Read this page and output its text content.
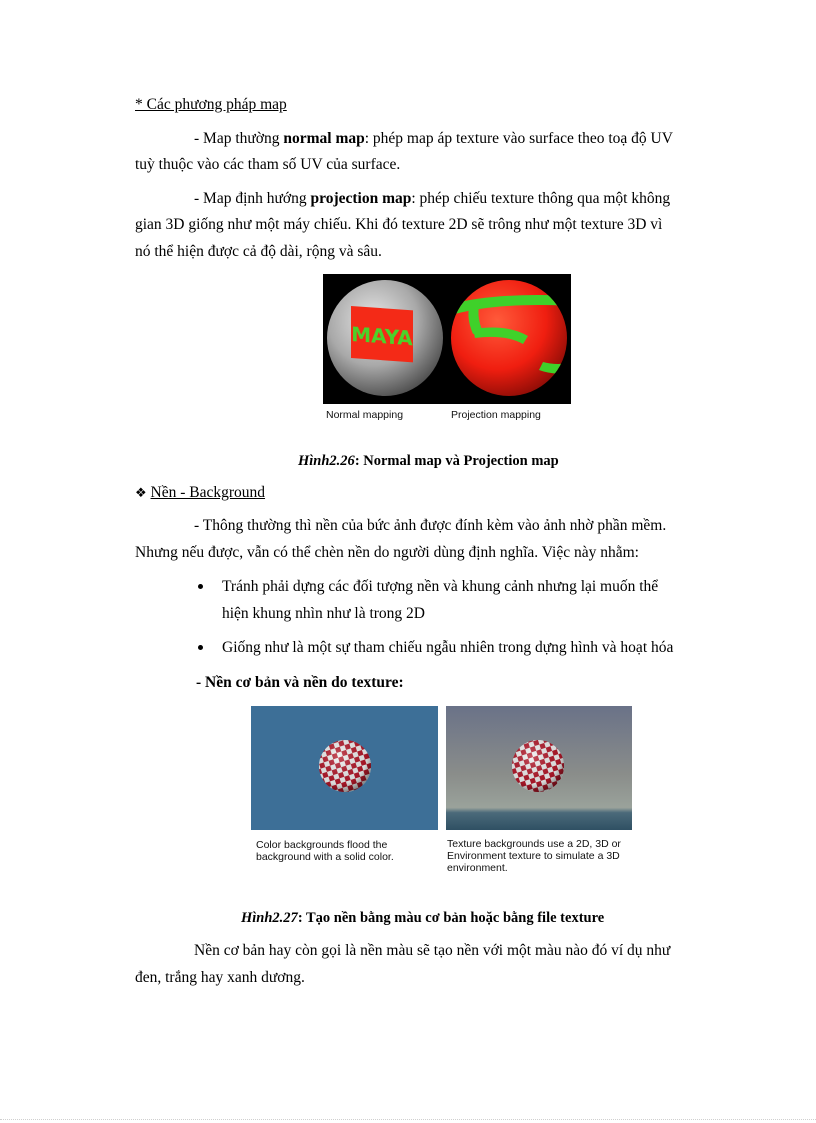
* Các phương pháp map
- Map thường normal map: phép map áp texture vào surface theo toạ độ UV
tuỳ thuộc vào các tham số UV của surface.
- Map định hướng projection map: phép chiếu texture thông qua một không
gian 3D giống như một máy chiếu. Khi đó texture 2D sẽ trông như một texture 3D vì
nó thể hiện được cả độ dài, rộng và sâu.
MAYA
Normal mapping	Projection mapping
Hình2.26: Normal map và Projection map
❖ Nền - Background
- Thông thường thì nền của bức ảnh được đính kèm vào ảnh nhờ phần mềm.
Nhưng nếu được, vẫn có thể chèn nền do người dùng định nghĩa. Việc này nhằm:
Tránh phải dựng các đối tượng nền và khung cảnh nhưng lại muốn thể
hiện khung nhìn như là trong 2D
Giống như là một sự tham chiếu ngẫu nhiên trong dựng hình và hoạt hóa
- Nền cơ bản và nền do texture:
Color backgrounds flood the
background with a solid color.
Texture backgrounds use a 2D, 3D or
Environment texture to simulate a 3D
environment.
Hình2.27: Tạo nền bằng màu cơ bản hoặc bằng file texture
Nền cơ bản hay còn gọi là nền màu sẽ tạo nền với một màu nào đó ví dụ như
đen, trắng hay xanh dương.
